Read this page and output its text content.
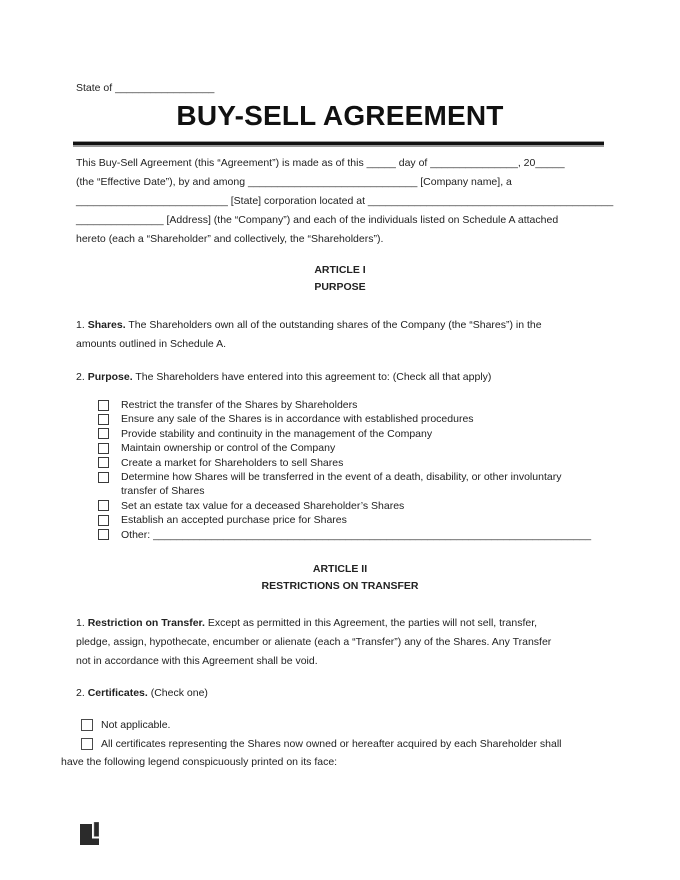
State of _________________
BUY-SELL AGREEMENT
This Buy-Sell Agreement (this “Agreement”) is made as of this _____ day of _______________, 20_____
(the “Effective Date”), by and among _____________________________ [Company name], a
__________________________ [State] corporation located at __________________________________________
_______________ [Address] (the “Company”) and each of the individuals listed on Schedule A attached
hereto (each a “Shareholder” and collectively, the “Shareholders”).
ARTICLE I
PURPOSE
1. Shares. The Shareholders own all of the outstanding shares of the Company (the “Shares”) in the
amounts outlined in Schedule A.
2. Purpose. The Shareholders have entered into this agreement to: (Check all that apply)
Restrict the transfer of the Shares by Shareholders
Ensure any sale of the Shares is in accordance with established procedures
Provide stability and continuity in the management of the Company
Maintain ownership or control of the Company
Create a market for Shareholders to sell Shares
Determine how Shares will be transferred in the event of a death, disability, or other involuntary
transfer of Shares
Set an estate tax value for a deceased Shareholder’s Shares
Establish an accepted purchase price for Shares
Other: ___________________________________________________________________________
ARTICLE II
RESTRICTIONS ON TRANSFER
1. Restriction on Transfer. Except as permitted in this Agreement, the parties will not sell, transfer,
pledge, assign, hypothecate, encumber or alienate (each a “Transfer”) any of the Shares. Any Transfer
not in accordance with this Agreement shall be void.
2. Certificates. (Check one)
Not applicable.
All certificates representing the Shares now owned or hereafter acquired by each Shareholder shall
have the following legend conspicuously printed on its face:
